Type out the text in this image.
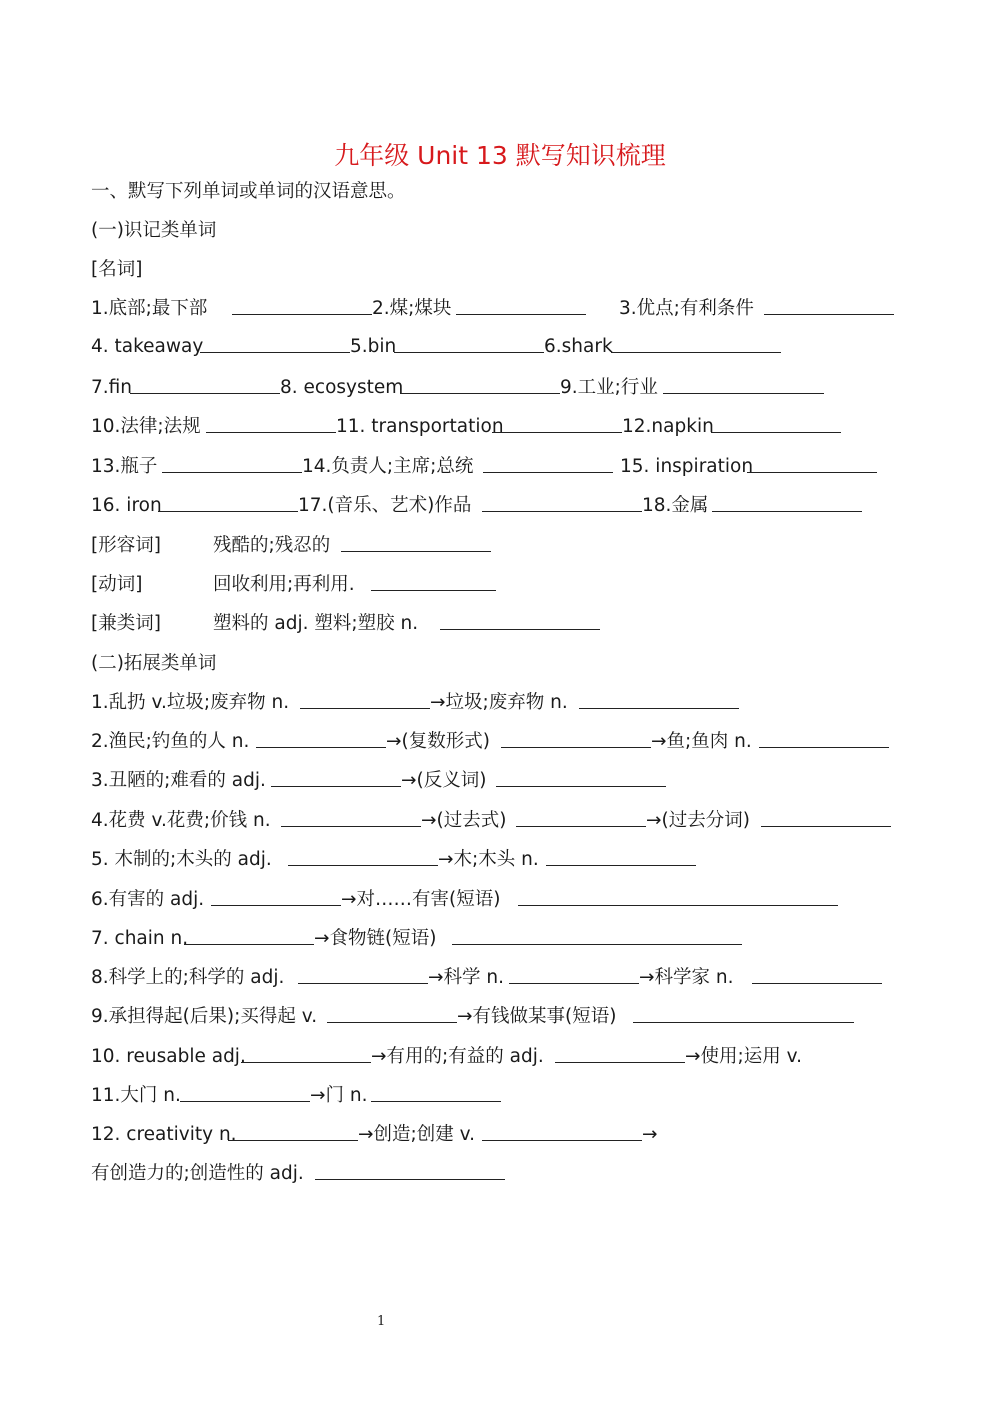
九年级 Unit 13 默写知识梳理
一、默写下列单词或单词的汉语意思。
(一)识记类单词
[名词]
1.底部;最下部	2.煤;煤块	3.优点;有利条件
4. takeaway	5.bin	6.shark
7.fin	8. ecosystem	9.工业;行业
10.法律;法规	11. transportation	12.napkin
13.瓶子	14.负责人;主席;总统	15. inspiration
16. iron	17.(音乐、艺术)作品	18.金属
[形容词]	残酷的;残忍的
[动词]	回收利用;再利用.
[兼类词]	塑料的 adj. 塑料;塑胶 n.
(二)拓展类单词
1.乱扔 v.垃圾;废弃物 n.	→垃圾;废弃物 n.
2.渔民;钓鱼的人 n.	→(复数形式)	→鱼;鱼肉 n.
3.丑陋的;难看的 adj.	→(反义词)
4.花费 v.花费;价钱 n.	→(过去式)	→(过去分词)
5. 木制的;木头的 adj.	→木;木头 n.
6.有害的 adj.	→对……有害(短语)
7. chain n.	→食物链(短语)
8.科学上的;科学的 adj.	→科学 n.	→科学家 n.
9.承担得起(后果);买得起 v.	→有钱做某事(短语)
10. reusable adj.	→有用的;有益的 adj.	→使用;运用 v.
11.大门 n.	→门 n.
12. creativity n.	→创造;创建 v.	→
有创造力的;创造性的 adj.
1
